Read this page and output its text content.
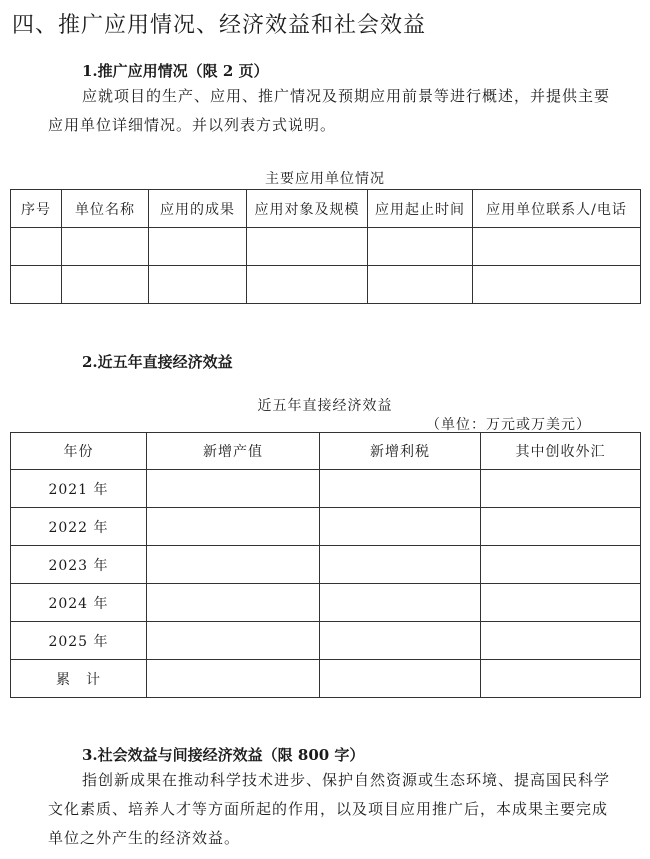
四、推广应用情况、经济效益和社会效益
1.推广应用情况（限 2 页）
应就项目的生产、应用、推广情况及预期应用前景等进行概述，并提供主要
应用单位详细情况。并以列表方式说明。
主要应用单位情况
序号	单位名称	应用的成果	应用对象及规模	应用起止时间	应用单位联系人/电话

2.近五年直接经济效益
近五年直接经济效益
（单位：万元或万美元）
年份	新增产值	新增利税	其中创收外汇
2021 年			
2022 年			
2023 年			
2024 年			
2025 年			
累　计			
3.社会效益与间接经济效益（限 800 字）
指创新成果在推动科学技术进步、保护自然资源或生态环境、提高国民科学
文化素质、培养人才等方面所起的作用，以及项目应用推广后，本成果主要完成
单位之外产生的经济效益。
